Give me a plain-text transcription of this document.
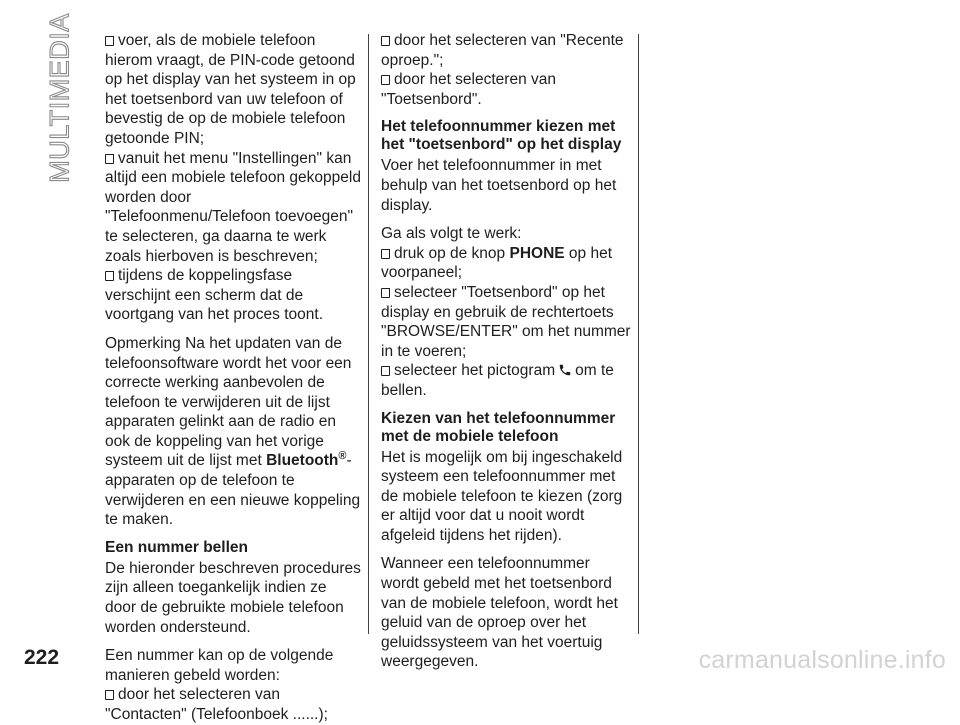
MULTIMEDIA	voer, als de mobiele telefoon hierom vraagt, de PIN-code getoond op het display van het systeem in op het toetsenbord van uw telefoon of bevestig de op de mobiele telefoon getoonde PIN;

vanuit het menu "Instellingen" kan altijd een mobiele telefoon gekoppeld worden door "Telefoonmenu/Telefoon toevoegen" te selecteren, ga daarna te werk zoals hierboven is beschreven;

tijdens de koppelingsfase verschijnt een scherm dat de voortgang van het proces toont.

Opmerking Na het updaten van de telefoonsoftware wordt het voor een correcte werking aanbevolen de telefoon te verwijderen uit de lijst apparaten gelinkt aan de radio en ook de koppeling van het vorige systeem uit de lijst met Bluetooth®-apparaten op de telefoon te verwijderen en een nieuwe koppeling te maken.

Een nummer bellen

De hieronder beschreven procedures zijn alleen toegankelijk indien ze door de gebruikte mobiele telefoon worden ondersteund.

Een nummer kan op de volgende manieren gebeld worden:

door het selecteren van "Contacten" (Telefoonboek ......);

door het selecteren van "Recente oproep.";

door het selecteren van "Toetsenbord".

Het telefoonnummer kiezen met het "toetsenbord" op het display

Voer het telefoonnummer in met behulp van het toetsenbord op het display.

Ga als volgt te werk:

druk op de knop PHONE op het voorpaneel;

selecteer "Toetsenbord" op het display en gebruik de rechtertoets "BROWSE/ENTER" om het nummer in te voeren;

selecteer het pictogram om te bellen.

Kiezen van het telefoonnummer met de mobiele telefoon

Het is mogelijk om bij ingeschakeld systeem een telefoonnummer met de mobiele telefoon te kiezen (zorg er altijd voor dat u nooit wordt afgeleid tijdens het rijden).

Wanneer een telefoonnummer wordt gebeld met het toetsenbord van de mobiele telefoon, wordt het geluid van de oproep over het geluidssysteem van het voertuig weergegeven.

222	carmanualsonline.info
